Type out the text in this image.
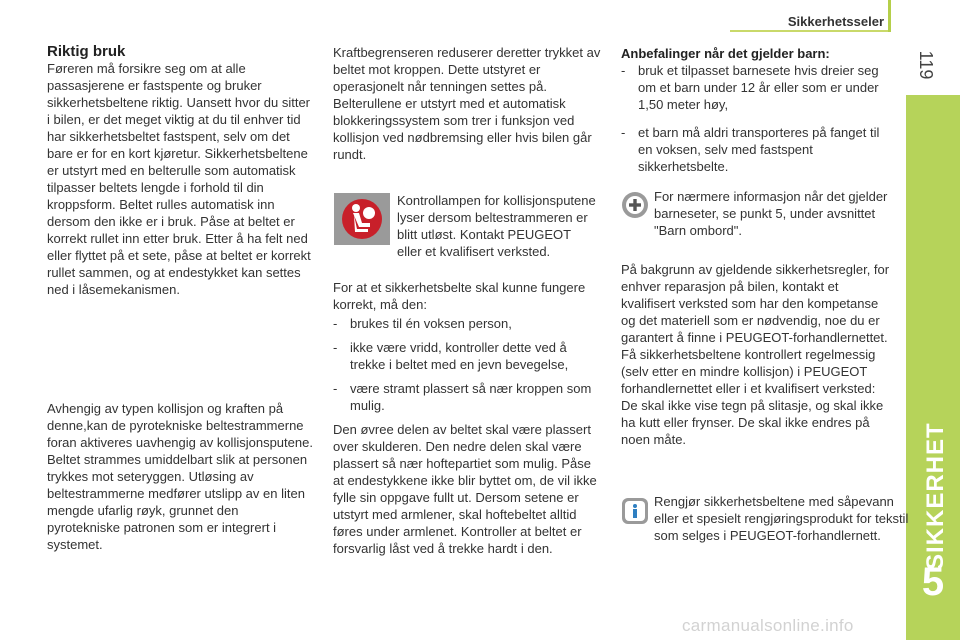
Sikkerhetsseler
119
SIKKERHET
5

Riktig bruk

Føreren må forsikre seg om at alle passasjerene er fastspente og bruker sikkerhetsbeltene riktig. Uansett hvor du sitter i bilen, er det meget viktig at du til enhver tid har sikkerhetsbeltet fastspent, selv om det bare er for en kort kjøretur. Sikkerhetsbeltene er utstyrt med en belterulle som automatisk tilpasser beltets lengde i forhold til din kroppsform. Beltet rulles automatisk inn dersom den ikke er i bruk. Påse at beltet er korrekt rullet inn etter bruk. Etter å ha felt ned eller flyttet på et sete, påse at beltet er korrekt rullet sammen, og at endestykket kan settes ned i låsemekanismen.

Avhengig av typen kollisjon og kraften på denne,kan de pyrotekniske beltestrammerne foran aktiveres uavhengig av kollisjonsputene. Beltet strammes umiddelbart slik at personen trykkes mot seteryggen. Utløsing av beltestrammerne medfører utslipp av en liten mengde ufarlig røyk, grunnet den pyrotekniske patronen som er integrert i systemet.

Kraftbegrenseren reduserer deretter trykket av beltet mot kroppen. Dette utstyret er operasjonelt når tenningen settes på. Belterullene er utstyrt med et automatisk blokkeringssystem som trer i funksjon ved kollisjon ved nødbremsing eller hvis bilen går rundt.

Kontrollampen for kollisjonsputene lyser dersom beltestrammeren er blitt utløst. Kontakt PEUGEOT eller et kvalifisert verksted.

For at et sikkerhetsbelte skal kunne fungere korrekt, må den:

- brukes til én voksen person,
- ikke være vridd, kontroller dette ved å trekke i beltet med en jevn bevegelse,
- være stramt plassert så nær kroppen som mulig.

Den øvree delen av beltet skal være plassert over skulderen. Den nedre delen skal være plassert så nær hoftepartiet som mulig. Påse at endestykkene ikke blir byttet om, de vil ikke fylle sin oppgave fullt ut. Dersom setene er utstyrt med armlener, skal hoftebeltet alltid føres under armlenet. Kontroller at beltet er forsvarlig låst ved å trekke hardt i den.

Anbefalinger når det gjelder barn:

- bruk et tilpasset barnesete hvis dreier seg om et barn under 12 år eller som er under 1,50 meter høy,
- et barn må aldri transporteres på fanget til en voksen, selv med fastspent sikkerhetsbelte.
For nærmere informasjon når det gjelder barneseter, se punkt 5, under avsnittet "Barn ombord".

På bakgrunn av gjeldende sikkerhetsregler, for enhver reparasjon på bilen, kontakt et kvalifisert verksted som har den kompetanse og det materiell som er nødvendig, noe du er garantert å finne i PEUGEOT-forhandlernettet. Få sikkerhetsbeltene kontrollert regelmessig (selv etter en mindre kollisjon) i PEUGEOT forhandlernettet eller i et kvalifisert verksted: De skal ikke vise tegn på slitasje, og skal ikke ha kutt eller frynser. De skal ikke endres på noen måte.

Rengjør sikkerhetsbeltene med såpevann eller et spesielt rengjøringsprodukt for tekstil som selges i PEUGEOT-forhandlernett.
carmanualsonline.info
